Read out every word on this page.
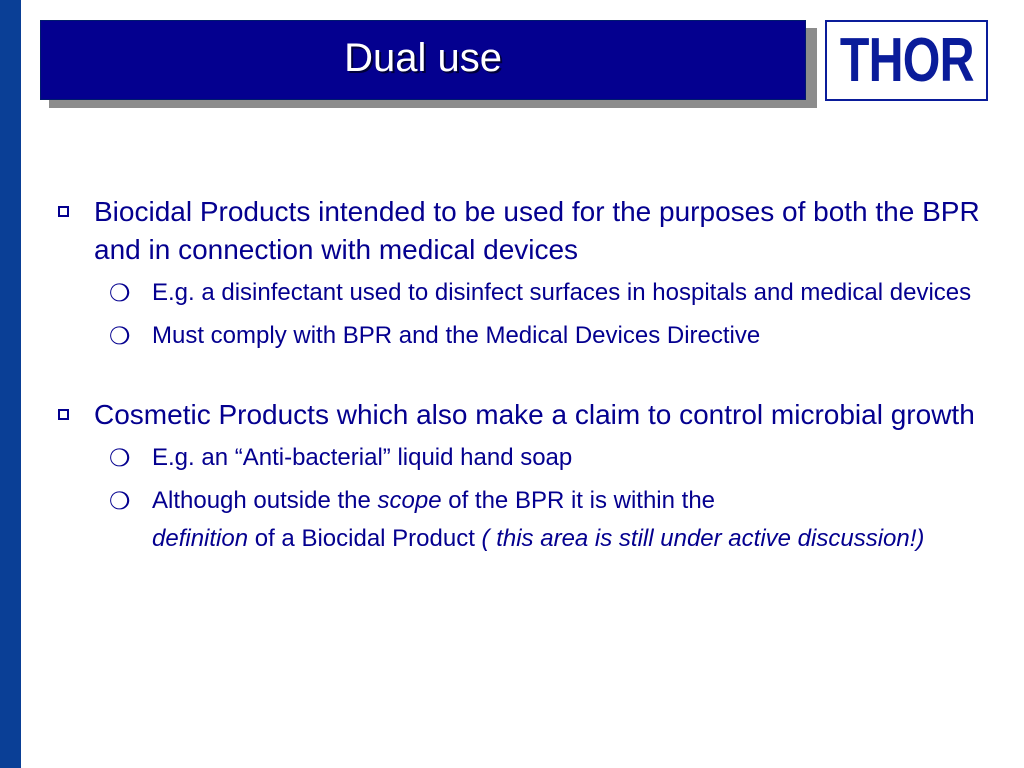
Dual use	THOR
Biocidal Products intended to be used for the purposes of both the BPR and in connection with medical devices
❍ E.g. a disinfectant used to disinfect surfaces in hospitals and medical devices
❍ Must comply with BPR and the Medical Devices Directive
Cosmetic Products which also make a claim to control microbial growth
❍ E.g. an “Anti-bacterial” liquid hand soap
❍ Although outside the scope of the BPR it is within the
definition of a Biocidal Product ( this area is still under active discussion!)
